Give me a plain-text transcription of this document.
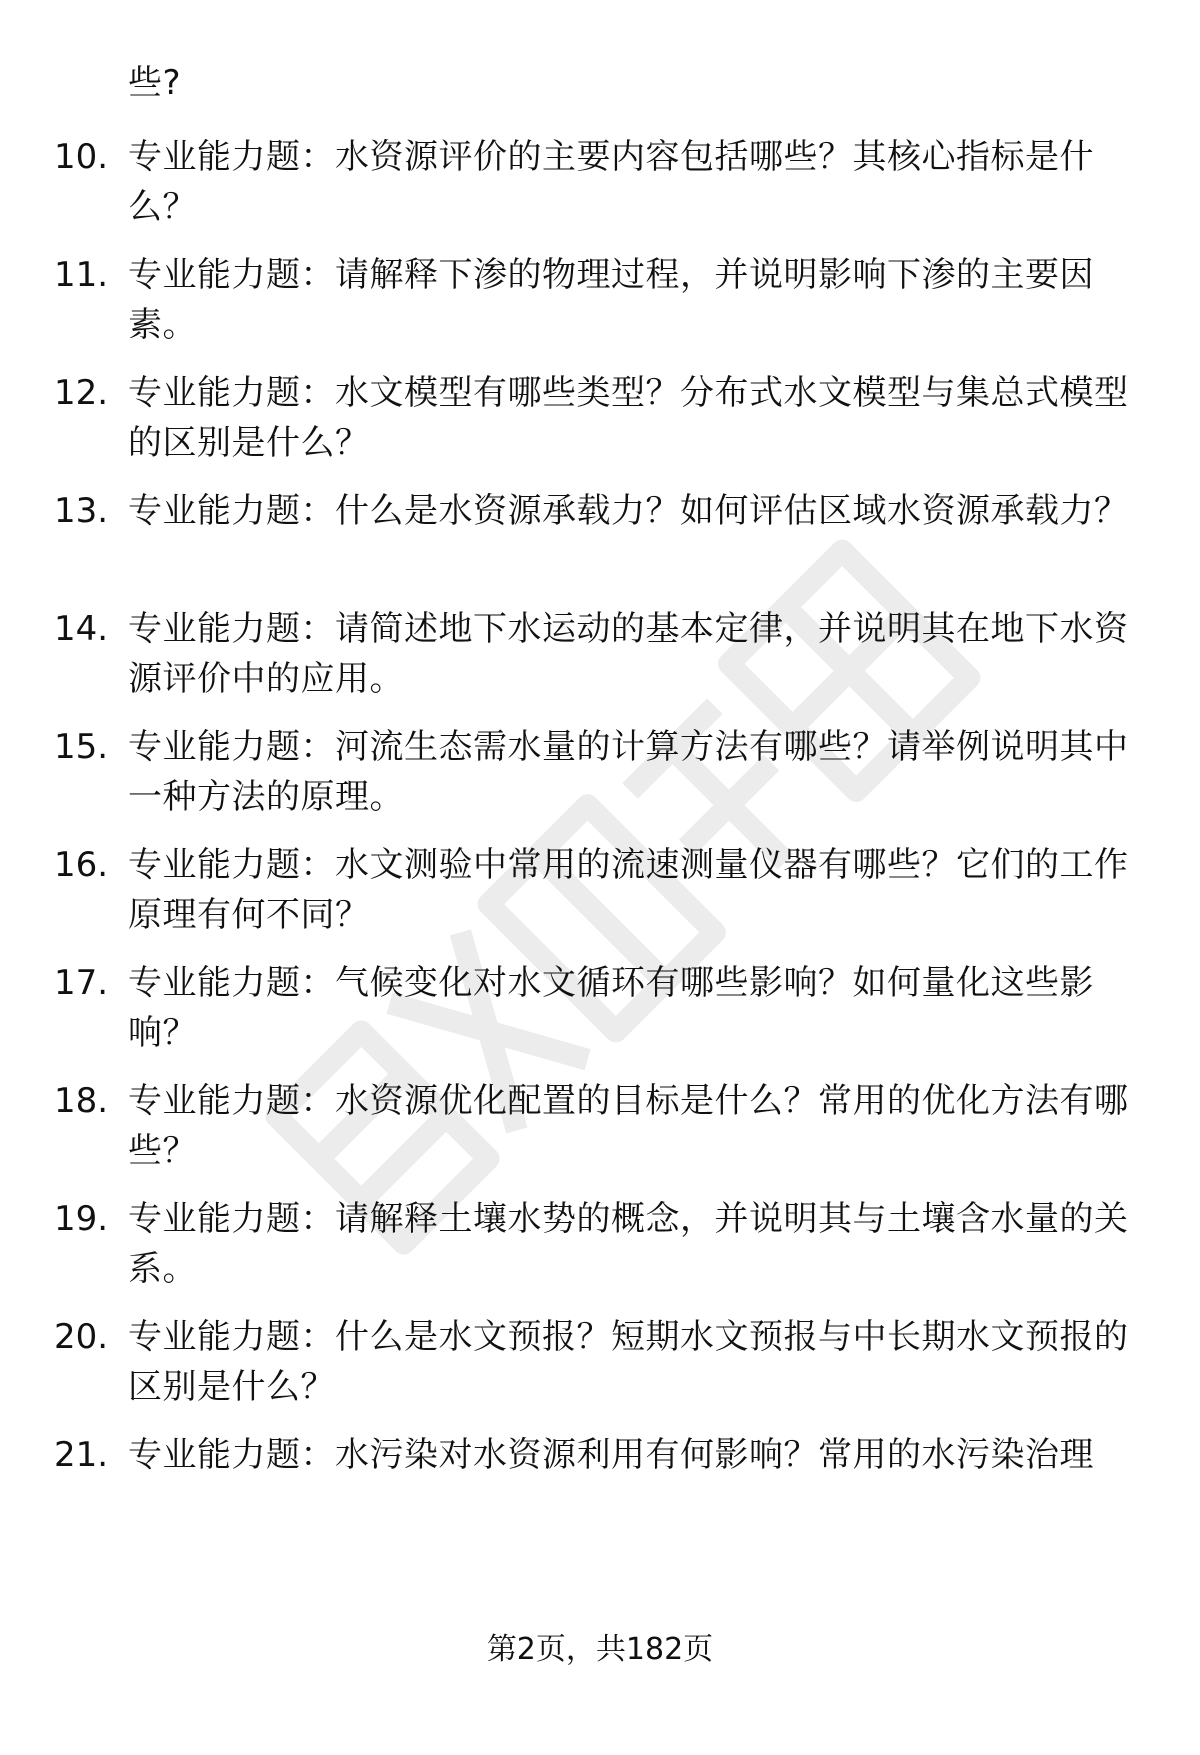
些?
10. 专业能力题：水资源评价的主要内容包括哪些？其核心指标是什么？
11. 专业能力题：请解释下渗的物理过程，并说明影响下渗的主要因素。
12. 专业能力题：水文模型有哪些类型？分布式水文模型与集总式模型的区别是什么？
13. 专业能力题：什么是水资源承载力？如何评估区域水资源承载力？
14. 专业能力题：请简述地下水运动的基本定律，并说明其在地下水资源评价中的应用。
15. 专业能力题：河流生态需水量的计算方法有哪些？请举例说明其中一种方法的原理。
16. 专业能力题：水文测验中常用的流速测量仪器有哪些？它们的工作原理有何不同？
17. 专业能力题：气候变化对水文循环有哪些影响？如何量化这些影响？
18. 专业能力题：水资源优化配置的目标是什么？常用的优化方法有哪些？
19. 专业能力题：请解释土壤水势的概念，并说明其与土壤含水量的关系。
20. 专业能力题：什么是水文预报？短期水文预报与中长期水文预报的区别是什么？
21. 专业能力题：水污染对水资源利用有何影响？常用的水污染治理
第2页，共182页
